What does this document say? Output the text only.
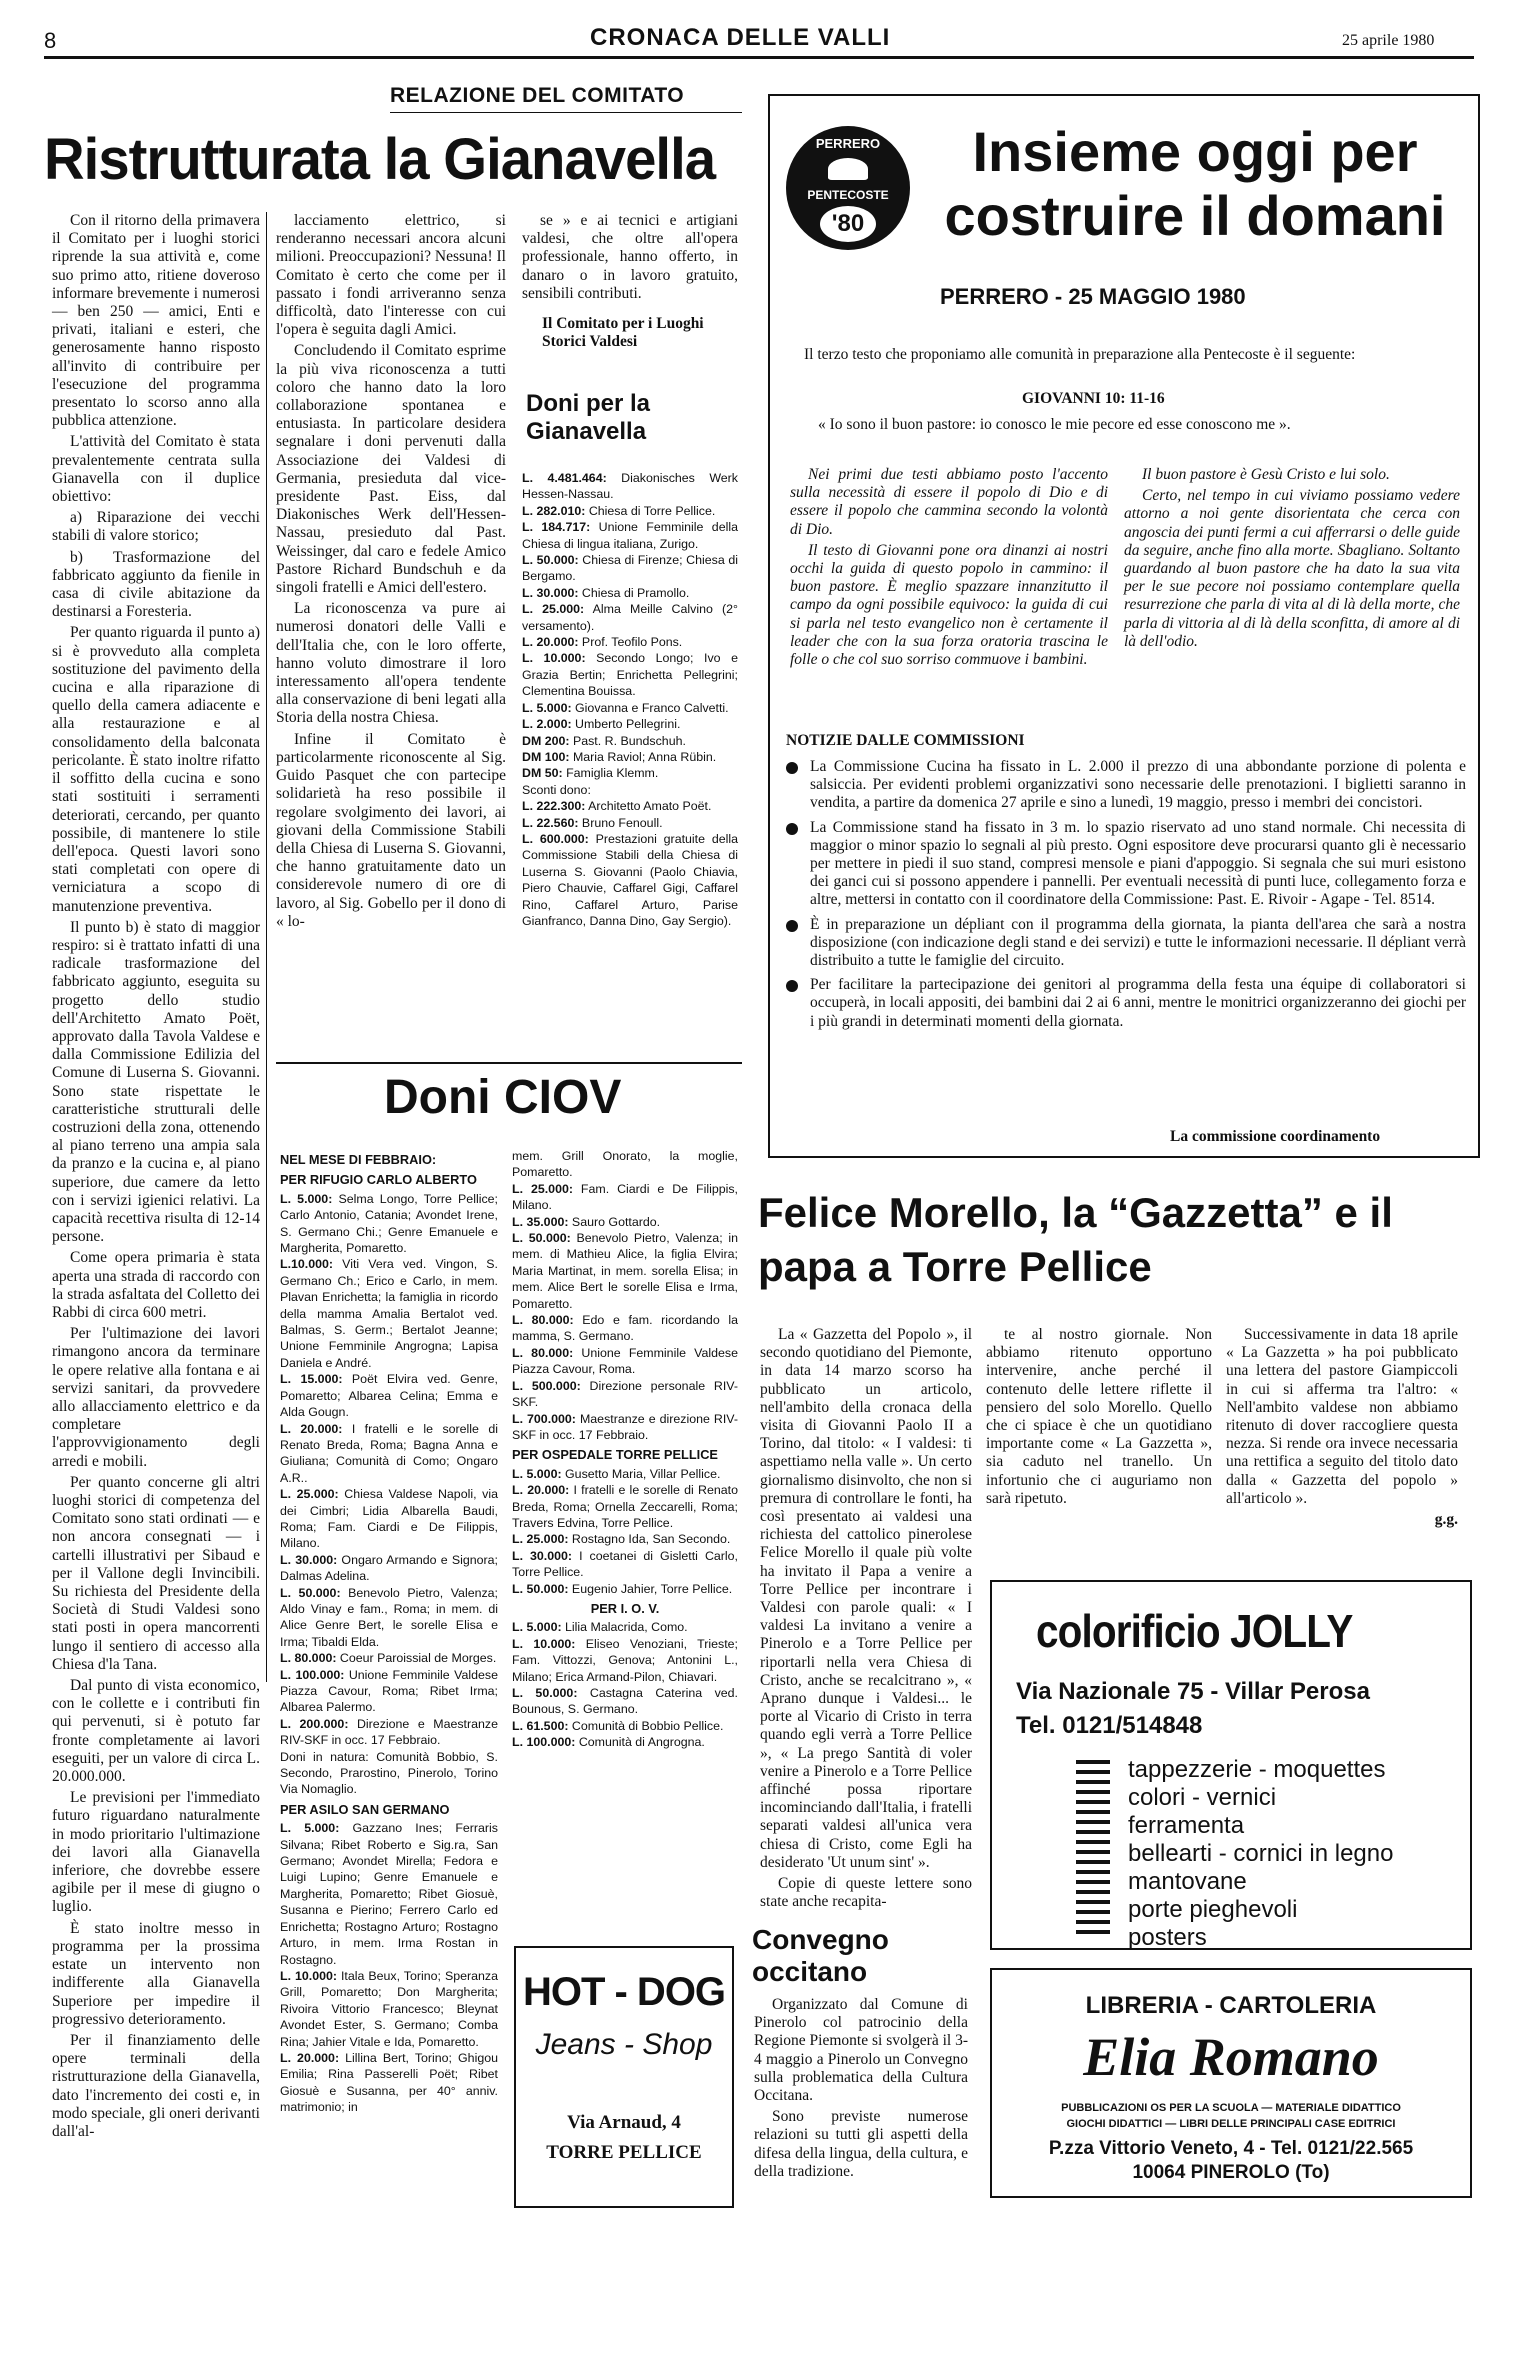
8	CRONACA DELLE VALLI	25 aprile 1980
RELAZIONE DEL COMITATO
Ristrutturata la Gianavella

Con il ritorno della primavera il Comitato per i luoghi storici riprende la sua attività e, come suo primo atto, ritiene doveroso informare brevemente i numerosi — ben 250 — amici, Enti e privati, italiani e esteri, che generosamente hanno risposto all'invito di contribuire per l'esecuzione del programma presentato lo scorso anno alla pubblica attenzione.

L'attività del Comitato è stata prevalentemente centrata sulla Gianavella con il duplice obiettivo:

a) Riparazione dei vecchi stabili di valore storico;

b) Trasformazione del fabbricato aggiunto da fienile in casa di civile abitazione da destinarsi a Foresteria.

Per quanto riguarda il punto a) si è provveduto alla completa sostituzione del pavimento della cucina e alla riparazione di quello della camera adiacente e alla restaurazione e al consolidamento della balconata pericolante. È stato inoltre rifatto il soffitto della cucina e sono stati sostituiti i serramenti deteriorati, cercando, per quanto possibile, di mantenere lo stile dell'epoca. Questi lavori sono stati completati con opere di verniciatura a scopo di manutenzione preventiva.

Il punto b) è stato di maggior respiro: si è trattato infatti di una radicale trasformazione del fabbricato aggiunto, eseguita su progetto dello studio dell'Architetto Amato Poët, approvato dalla Tavola Valdese e dalla Commissione Edilizia del Comune di Luserna S. Giovanni. Sono state rispettate le caratteristiche strutturali delle costruzioni della zona, ottenendo al piano terreno una ampia sala da pranzo e la cucina e, al piano superiore, due camere da letto con i servizi igienici relativi. La capacità recettiva risulta di 12-14 persone.

Come opera primaria è stata aperta una strada di raccordo con la strada asfaltata del Colletto dei Rabbi di circa 600 metri.

Per l'ultimazione dei lavori rimangono ancora da terminare le opere relative alla fontana e ai servizi sanitari, da provvedere allo allacciamento elettrico e da completare l'approvvigionamento degli arredi e mobili.

Per quanto concerne gli altri luoghi storici di competenza del Comitato sono stati ordinati — e non ancora consegnati — i cartelli illustrativi per Sibaud e per il Vallone degli Invincibili. Su richiesta del Presidente della Società di Studi Valdesi sono stati posti in opera mancorrenti lungo il sentiero di accesso alla Chiesa d'la Tana.

Dal punto di vista economico, con le collette e i contributi fin qui pervenuti, si è potuto far fronte completamente ai lavori eseguiti, per un valore di circa L. 20.000.000.

Le previsioni per l'immediato futuro riguardano naturalmente in modo prioritario l'ultimazione dei lavori alla Gianavella inferiore, che dovrebbe essere agibile per il mese di giugno o luglio.

È stato inoltre messo in programma per la prossima estate un intervento non indifferente alla Gianavella Superiore per impedire il progressivo deterioramento.

Per il finanziamento delle opere terminali della ristrutturazione della Gianavella, dato l'incremento dei costi e, in modo speciale, gli oneri derivanti dall'al-

lacciamento elettrico, si renderanno necessari ancora alcuni milioni. Preoccupazioni? Nessuna! Il Comitato è certo che come per il passato i fondi arriveranno senza difficoltà, dato l'interesse con cui l'opera è seguita dagli Amici.

Concludendo il Comitato esprime la più viva riconoscenza a tutti coloro che hanno dato la loro collaborazione spontanea e entusiasta. In particolare desidera segnalare i doni pervenuti dalla Associazione dei Valdesi di Germania, presieduta dal vice-presidente Past. Eiss, dal Diakonisches Werk dell'Hessen-Nassau, presieduto dal Past. Weissinger, dal caro e fedele Amico Pastore Richard Bundschuh e da singoli fratelli e Amici dell'estero.

La riconoscenza va pure ai numerosi donatori delle Valli e dell'Italia che, con le loro offerte, hanno voluto dimostrare il loro interessamento all'opera tendente alla conservazione di beni legati alla Storia della nostra Chiesa.

Infine il Comitato è particolarmente riconoscente al Sig. Guido Pasquet che con partecipe solidarietà ha reso possibile il regolare svolgimento dei lavori, ai giovani della Commissione Stabili della Chiesa di Luserna S. Giovanni, che hanno gratuitamente dato un considerevole numero di ore di lavoro, al Sig. Gobello per il dono di « lo-

se » e ai tecnici e artigiani valdesi, che oltre all'opera professionale, hanno offerto, in danaro o in lavoro gratuito, sensibili contributi.

Il Comitato per i Luoghi Storici Valdesi

Doni per la Gianavella

L. 4.481.464: Diakonisches Werk Hessen-Nassau.

L. 282.010: Chiesa di Torre Pellice.

L. 184.717: Unione Femminile della Chiesa di lingua italiana, Zurigo.

L. 50.000: Chiesa di Firenze; Chiesa di Bergamo.

L. 30.000: Chiesa di Pramollo.

L. 25.000: Alma Meille Calvino (2° versamento).

L. 20.000: Prof. Teofilo Pons.

L. 10.000: Secondo Longo; Ivo e Grazia Bertin; Enrichetta Pellegrini; Clementina Bouissa.

L. 5.000: Giovanna e Franco Calvetti.

L. 2.000: Umberto Pellegrini.

DM 200: Past. R. Bundschuh.

DM 100: Maria Raviol; Anna Rübin.

DM 50: Famiglia Klemm.

Sconti dono:

L. 222.300: Architetto Amato Poët.

L. 22.560: Bruno Fenoull.

L. 600.000: Prestazioni gratuite della Commissione Stabili della Chiesa di Luserna S. Giovanni (Paolo Chiavia, Piero Chauvie, Caffarel Gigi, Caffarel Rino, Caffarel Arturo, Parise Gianfranco, Danna Dino, Gay Sergio).

Doni CIOV
NEL MESE DI FEBBRAIO:
PER RIFUGIO CARLO ALBERTO

L. 5.000: Selma Longo, Torre Pellice; Carlo Antonio, Catania; Avondet Irene, S. Germano Chi.; Genre Emanuele e Margherita, Pomaretto.

L.10.000: Viti Vera ved. Vingon, S. Germano Ch.; Erico e Carlo, in mem. Plavan Enrichetta; la famiglia in ricordo della mamma Amalia Bertalot ved. Balmas, S. Germ.; Bertalot Jeanne; Unione Femminile Angrogna; Lapisa Daniela e André.

L. 15.000: Poët Elvira ved. Genre, Pomaretto; Albarea Celina; Emma e Alda Gougn.

L. 20.000: I fratelli e le sorelle di Renato Breda, Roma; Bagna Anna e Giuliana; Comunità di Como; Ongaro A.R..

L. 25.000: Chiesa Valdese Napoli, via dei Cimbri; Lidia Albarella Baudi, Roma; Fam. Ciardi e De Filippis, Milano.

L. 30.000: Ongaro Armando e Signora; Dalmas Adelina.

L. 50.000: Benevolo Pietro, Valenza; Aldo Vinay e fam., Roma; in mem. di Alice Genre Bert, le sorelle Elisa e Irma; Tibaldi Elda.

L. 80.000: Coeur Paroissial de Morges.

L. 100.000: Unione Femminile Valdese Piazza Cavour, Roma; Ribet Irma; Albarea Palermo.

L. 200.000: Direzione e Maestranze RIV-SKF in occ. 17 Febbraio.

Doni in natura: Comunità Bobbio, S. Secondo, Prarostino, Pinerolo, Torino Via Nomaglio.

PER ASILO SAN GERMANO

L. 5.000: Gazzano Ines; Ferraris Silvana; Ribet Roberto e Sig.ra, San Germano; Avondet Mirella; Fedora e Luigi Lupino; Genre Emanuele e Margherita, Pomaretto; Ribet Giosuè, Susanna e Pierino; Ferrero Carlo ed Enrichetta; Rostagno Arturo; Rostagno Arturo, in mem. Irma Rostan in Rostagno.

L. 10.000: Itala Beux, Torino; Speranza Grill, Pomaretto; Don Margherita; Rivoira Vittorio Francesco; Bleynat Avondet Ester, S. Germano; Comba Rina; Jahier Vitale e Ida, Pomaretto.

L. 20.000: Lillina Bert, Torino; Ghigou Emilia; Rina Passerelli Poët; Ribet Giosuè e Susanna, per 40° anniv. matrimonio; in

mem. Grill Onorato, la moglie, Pomaretto.

L. 25.000: Fam. Ciardi e De Filippis, Milano.

L. 35.000: Sauro Gottardo.

L. 50.000: Benevolo Pietro, Valenza; in mem. di Mathieu Alice, la figlia Elvira; Maria Martinat, in mem. sorella Elisa; in mem. Alice Bert le sorelle Elisa e Irma, Pomaretto.

L. 80.000: Edo e fam. ricordando la mamma, S. Germano.

L. 80.000: Unione Femminile Valdese Piazza Cavour, Roma.

L. 500.000: Direzione personale RIV-SKF.

L. 700.000: Maestranze e direzione RIV-SKF in occ. 17 Febbraio.

PER OSPEDALE TORRE PELLICE

L. 5.000: Gusetto Maria, Villar Pellice.

L. 20.000: I fratelli e le sorelle di Renato Breda, Roma; Ornella Zeccarelli, Roma; Travers Edvina, Torre Pellice.

L. 25.000: Rostagno Ida, San Secondo.

L. 30.000: I coetanei di Gisletti Carlo, Torre Pellice.

L. 50.000: Eugenio Jahier, Torre Pellice.

PER I. O. V.

L. 5.000: Lilia Malacrida, Como.

L. 10.000: Eliseo Venoziani, Trieste; Fam. Vittozzi, Genova; Antonini L., Milano; Erica Armand-Pilon, Chiavari.

L. 50.000: Castagna Caterina ved. Bounous, S. Germano.

L. 61.500: Comunità di Bobbio Pellice.

L. 100.000: Comunità di Angrogna.

HOT - DOG
Jeans - Shop
Via Arnaud, 4
TORRE PELLICE
PERRERO
PENTECOSTE
'80
Insieme oggi per costruire il domani
PERRERO - 25 MAGGIO 1980
Il terzo testo che proponiamo alle comunità in preparazione alla Pentecoste è il seguente:
GIOVANNI 10: 11-16
« Io sono il buon pastore: io conosco le mie pecore ed esse conoscono me ».

Nei primi due testi abbiamo posto l'accento sulla necessità di essere il popolo di Dio e di essere il popolo che cammina secondo la volontà di Dio.

Il testo di Giovanni pone ora dinanzi ai nostri occhi la guida di questo popolo in cammino: il buon pastore. È meglio spazzare innanzitutto il campo da ogni possibile equivoco: la guida di cui si parla nel testo evangelico non è certamente il leader che con la sua forza oratoria trascina le folle o che col suo sorriso commuove i bambini.

Il buon pastore è Gesù Cristo e lui solo.

Certo, nel tempo in cui viviamo possiamo vedere attorno a noi gente disorientata che cerca con angoscia dei punti fermi a cui afferrarsi o delle guide da seguire, anche fino alla morte. Sbagliano. Soltanto guardando al buon pastore che ha dato la sua vita per le sue pecore noi possiamo contemplare quella resurrezione che parla di vita al di là della morte, che parla di vittoria al di là della sconfitta, di amore al di là dell'odio.

NOTIZIE DALLE COMMISSIONI
La Commissione Cucina ha fissato in L. 2.000 il prezzo di una abbondante porzione di polenta e salsiccia. Per evidenti problemi organizzativi sono necessarie delle prenotazioni. I biglietti saranno in vendita, a partire da domenica 27 aprile e sino a lunedì, 19 maggio, presso i membri dei concistori.
La Commissione stand ha fissato in 3 m. lo spazio riservato ad uno stand normale. Chi necessita di maggior o minor spazio lo segnali al più presto. Ogni espositore deve procurarsi quanto gli è necessario per mettere in piedi il suo stand, compresi mensole e piani d'appoggio. Si segnala che sui muri esistono dei ganci cui si possono appendere i pannelli. Per eventuali necessità di punti luce, collegamento forza e altre, mettersi in contatto con il coordinatore della Commissione: Past. E. Rivoir - Agape - Tel. 8514.
È in preparazione un dépliant con il programma della giornata, la pianta dell'area che sarà a nostra disposizione (con indicazione degli stand e dei servizi) e tutte le informazioni necessarie. Il dépliant verrà distribuito a tutte le famiglie del circuito.
Per facilitare la partecipazione dei genitori al programma della festa una équipe di collaboratori si occuperà, in locali appositi, dei bambini dai 2 ai 6 anni, mentre le monitrici organizzeranno dei giochi per i più grandi in determinati momenti della giornata.
La commissione coordinamento
Felice Morello, la “Gazzetta” e il papa a Torre Pellice

La « Gazzetta del Popolo », il secondo quotidiano del Piemonte, in data 14 marzo scorso ha pubblicato un articolo, nell'ambito della cronaca della visita di Giovanni Paolo II a Torino, dal titolo: « I valdesi: ti aspettiamo nella valle ». Un certo giornalismo disinvolto, che non si premura di controllare le fonti, ha così presentato ai valdesi una richiesta del cattolico pinerolese Felice Morello il quale più volte ha invitato il Papa a venire a Torre Pellice per incontrare i Valdesi con parole quali: « I valdesi La invitano a venire a Pinerolo e a Torre Pellice per riportarli nella vera Chiesa di Cristo, anche se recalcitrano », « Aprano dunque i Valdesi... le porte al Vicario di Cristo in terra quando egli verrà a Torre Pellice », « La prego Santità di voler venire a Pinerolo e a Torre Pellice affinché possa riportare incominciando dall'Italia, i fratelli separati valdesi all'unica vera chiesa di Cristo, come Egli ha desiderato 'Ut unum sint' ».

Copie di queste lettere sono state anche recapita-

te al nostro giornale. Non abbiamo ritenuto opportuno intervenire, anche perché il contenuto delle lettere riflette il pensiero del solo Morello. Quello che ci spiace è che un quotidiano importante come « La Gazzetta », sia caduto nel tranello. Un infortunio che ci auguriamo non sarà ripetuto.

Successivamente in data 18 aprile « La Gazzetta » ha poi pubblicato una lettera del pastore Giampiccoli in cui si afferma tra l'altro: « Nell'ambito valdese non abbiamo ritenuto di dover raccogliere questa nezza. Si rende ora invece necessaria una rettifica a seguito del titolo dato dalla « Gazzetta del popolo » all'articolo ».

g.g.

colorificio JOLLY
Via Nazionale 75 - Villar Perosa
Tel. 0121/514848
tappezzerie - moquettes
colori - vernici
ferramenta
bellearti - cornici in legno
mantovane
porte pieghevoli
posters
Convegno occitano

Organizzato dal Comune di Pinerolo col patrocinio della Regione Piemonte si svolgerà il 3-4 maggio a Pinerolo un Convegno sulla problematica della Cultura Occitana.

Sono previste numerose relazioni su tutti gli aspetti della difesa della lingua, della cultura, e della tradizione.

LIBRERIA - CARTOLERIA
Elia Romano
PUBBLICAZIONI OS PER LA SCUOLA — MATERIALE DIDATTICO
GIOCHI DIDATTICI — LIBRI DELLE PRINCIPALI CASE EDITRICI
P.zza Vittorio Veneto, 4 - Tel. 0121/22.565
10064 PINEROLO (To)
